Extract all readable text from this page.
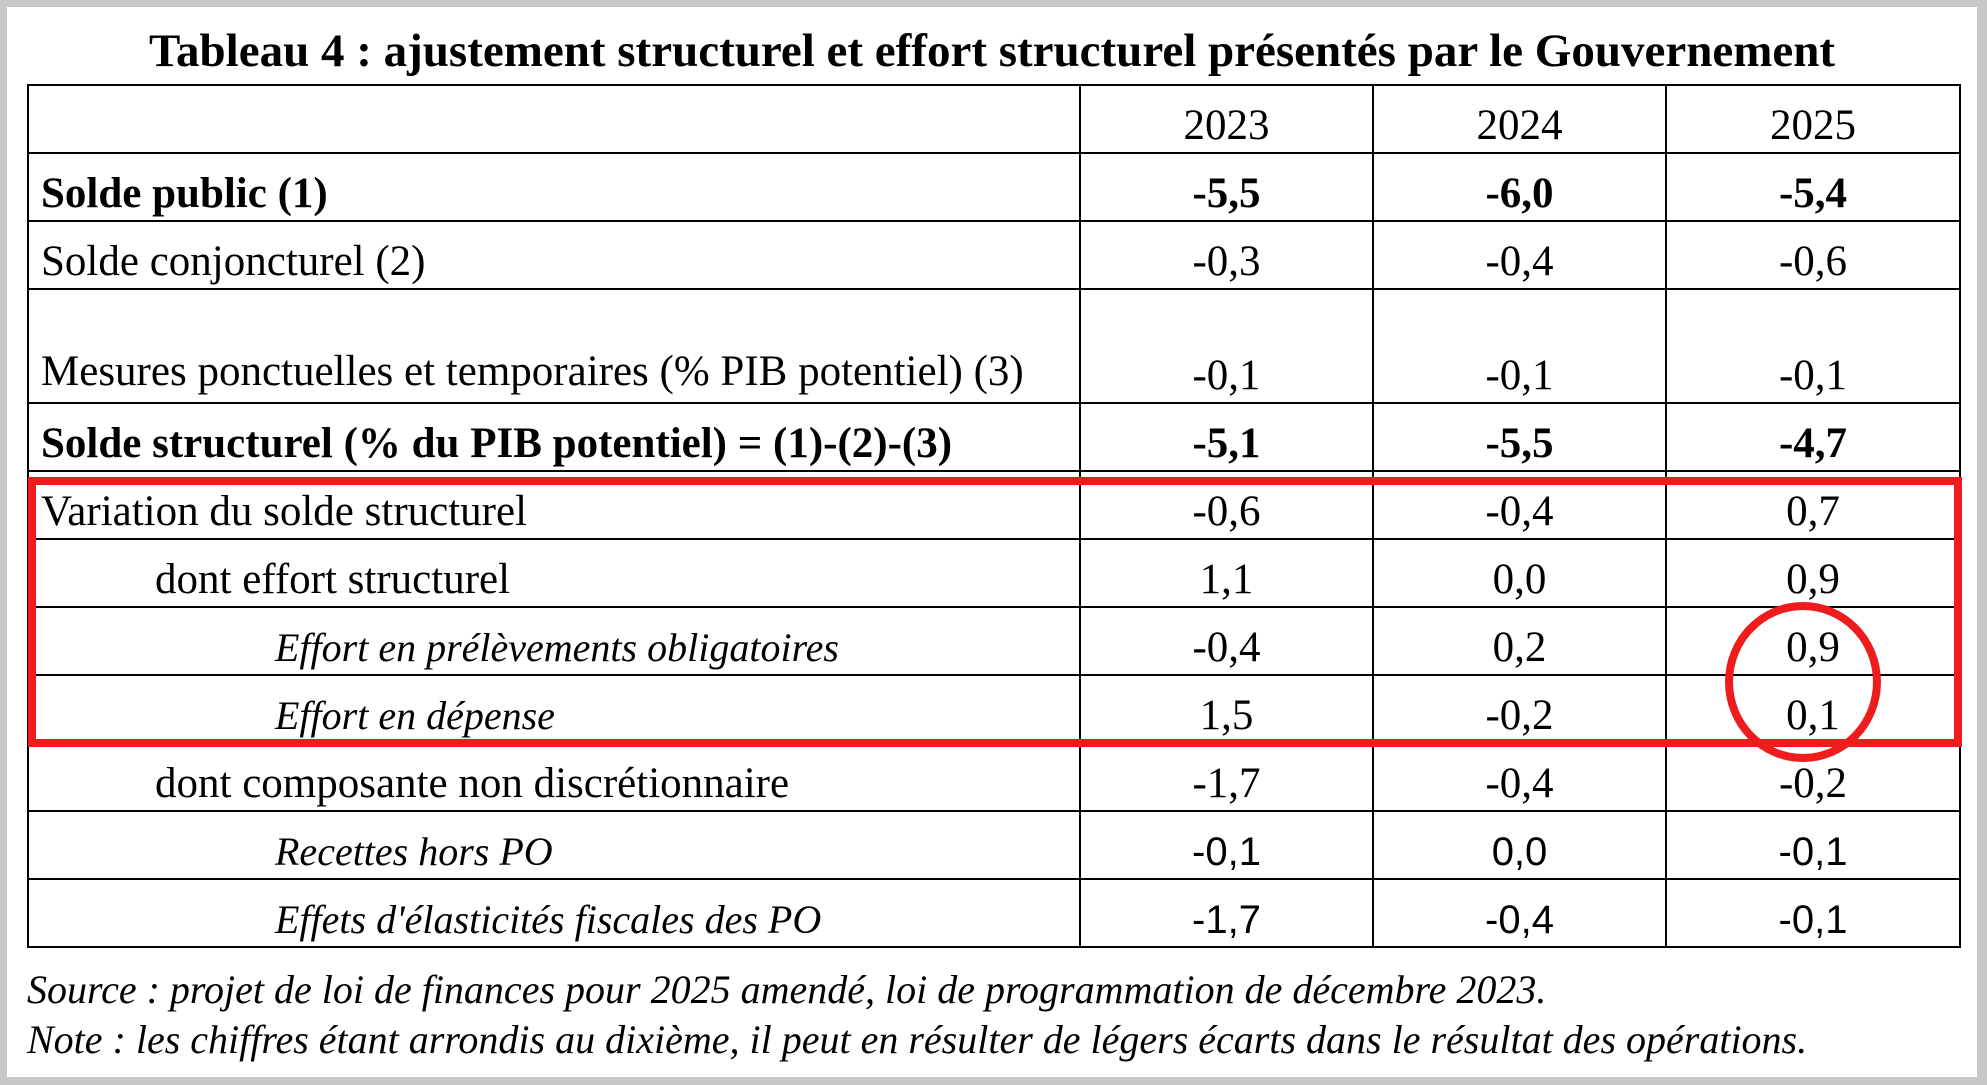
Tableau 4 : ajustement structurel et effort structurel présentés par le Gouvernement
	2023	2024	2025
Solde public (1)	-5,5	-6,0	-5,4
Solde conjoncturel (2)	-0,3	-0,4	-0,6
Mesures ponctuelles et temporaires (% PIB potentiel) (3)	-0,1	-0,1	-0,1
Solde structurel (% du PIB potentiel) = (1)-(2)-(3)	-5,1	-5,5	-4,7
Variation du solde structurel	-0,6	-0,4	0,7
dont effort structurel	1,1	0,0	0,9
Effort en prélèvements obligatoires	-0,4	0,2	0,9
Effort en dépense	1,5	-0,2	0,1
dont composante non discrétionnaire	-1,7	-0,4	-0,2
Recettes hors PO	-0,1	0,0	-0,1
Effets d'élasticités fiscales des PO	-1,7	-0,4	-0,1
Source : projet de loi de finances pour 2025 amendé, loi de programmation de décembre 2023.
Note : les chiffres étant arrondis au dixième, il peut en résulter de légers écarts dans le résultat des opérations.
